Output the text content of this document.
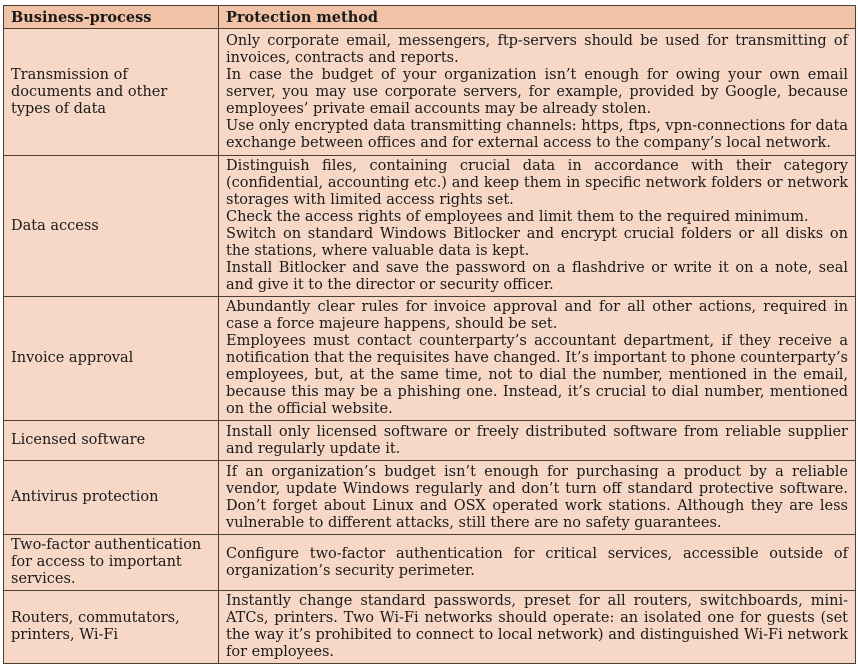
Business-process	Protection method
Transmission of documents and other types of data	Only corporate email, messengers, ftp-servers should be used for transmitting of invoices, contracts and reports.

In case the budget of your organization isn’t enough for owing your own email server, you may use corporate servers, for example, provided by Google, because employees’ private email accounts may be already stolen.

Use only encrypted data transmitting channels: https, ftps, vpn-connections for data exchange between offices and for external access to the company’s local network.

Data access	Distinguish files, containing crucial data in accordance with their category (confidential, accounting etc.) and keep them in specific network folders or network storages with limited access rights set.

Check the access rights of employees and limit them to the required minimum.

Switch on standard Windows Bitlocker and encrypt crucial folders or all disks on the stations, where valuable data is kept.

Install Bitlocker and save the password on a flashdrive or write it on a note, seal and give it to the director or security officer.

Invoice approval	Abundantly clear rules for invoice approval and for all other actions, required in case a force majeure happens, should be set.

Employees must contact counterparty’s accountant department, if they receive a notification that the requisites have changed. It’s important to phone counterparty’s employees, but, at the same time, not to dial the number, mentioned in the email, because this may be a phishing one. Instead, it’s crucial to dial number, mentioned on the official website.

Licensed software	Install only licensed software or freely distributed software from reliable supplier and regularly update it.

Antivirus protection	If an organization’s budget isn’t enough for purchasing a product by a reliable vendor, update Windows regularly and don’t turn off standard protective software. Don’t forget about Linux and OSX operated work stations. Although they are less vulnerable to different attacks, still there are no safety guarantees.

Two-factor authentication for access to important services.	Configure two-factor authentication for critical services, accessible outside of organization’s security perimeter.

Routers, commutators, printers, Wi-Fi	Instantly change standard passwords, preset for all routers, switchboards, mini-ATCs, printers. Two Wi-Fi networks should operate: an isolated one for guests (set the way it’s prohibited to connect to local network) and distinguished Wi-Fi network for employees.
